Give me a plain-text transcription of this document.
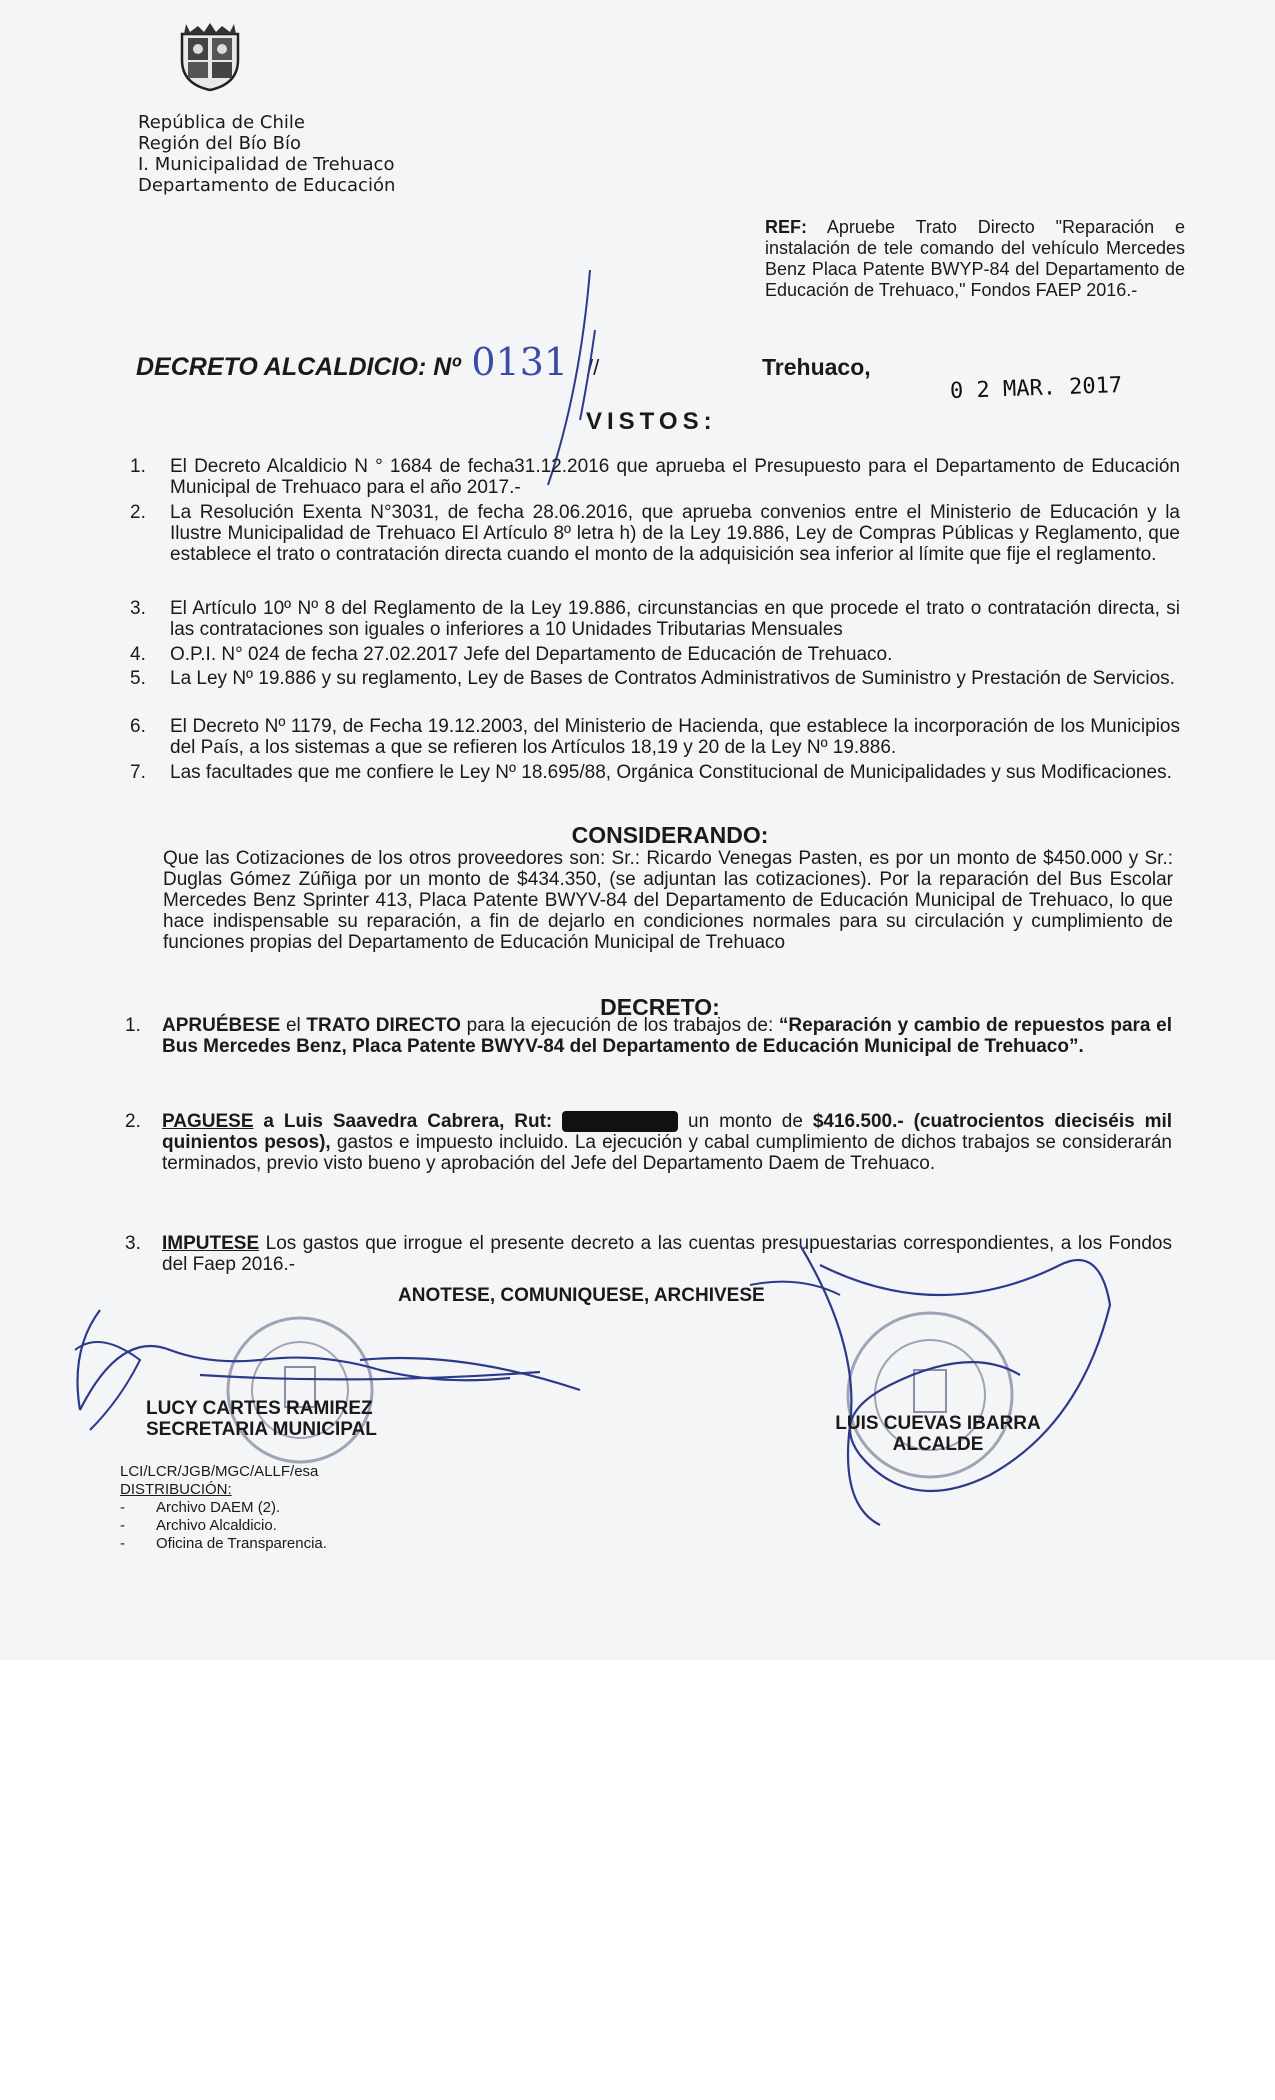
República de Chile
Región del Bío Bío
I. Municipalidad de Trehuaco
Departamento de Educación
REF: Apruebe Trato Directo "Reparación e instalación de tele comando del vehículo Mercedes Benz Placa Patente BWYP-84 del Departamento de Educación de Trehuaco," Fondos FAEP 2016.-
DECRETO ALCALDICIO: Nº 0131 //	Trehuaco,
0 2 MAR. 2017
VISTOS:
1.	El Decreto Alcaldicio N ° 1684 de fecha31.12.2016 que aprueba el Presupuesto para el Departamento de Educación Municipal de Trehuaco para el año 2017.-
2.	La Resolución Exenta N°3031, de fecha 28.06.2016, que aprueba convenios entre el Ministerio de Educación y la Ilustre Municipalidad de Trehuaco El Artículo 8º letra h) de la Ley 19.886, Ley de Compras Públicas y Reglamento, que establece el trato o contratación directa cuando el monto de la adquisición sea inferior al límite que fije el reglamento.
3.	El Artículo 10º Nº 8 del Reglamento de la Ley 19.886, circunstancias en que procede el trato o contratación directa, si las contrataciones son iguales o inferiores a 10 Unidades Tributarias Mensuales
4.	O.P.I. N° 024 de fecha 27.02.2017 Jefe del Departamento de Educación de Trehuaco.
5.	La Ley Nº 19.886 y su reglamento, Ley de Bases de Contratos Administrativos de Suministro y Prestación de Servicios.
6.	El Decreto Nº 1179, de Fecha 19.12.2003, del Ministerio de Hacienda, que establece la incorporación de los Municipios del País, a los sistemas a que se refieren los Artículos 18,19 y 20 de la Ley Nº 19.886.
7.	Las facultades que me confiere le Ley Nº 18.695/88, Orgánica Constitucional de Municipalidades y sus Modificaciones.
CONSIDERANDO:
Que las Cotizaciones de los otros proveedores son: Sr.: Ricardo Venegas Pasten, es por un monto de $450.000 y Sr.: Duglas Gómez Zúñiga por un monto de $434.350, (se adjuntan las cotizaciones). Por la reparación del Bus Escolar Mercedes Benz Sprinter 413, Placa Patente BWYV-84 del Departamento de Educación Municipal de Trehuaco, lo que hace indispensable su reparación, a fin de dejarlo en condiciones normales para su circulación y cumplimiento de funciones propias del Departamento de Educación Municipal de Trehuaco
DECRETO:
1.	APRUÉBESE el TRATO DIRECTO para la ejecución de los trabajos de: “Reparación y cambio de repuestos para el Bus Mercedes Benz, Placa Patente BWYV-84 del Departamento de Educación Municipal de Trehuaco”.
2.	PAGUESE a Luis Saavedra Cabrera, Rut:	un monto de $416.500.- (cuatrocientos dieciséis mil quinientos pesos), gastos e impuesto incluido. La ejecución y cabal cumplimiento de dichos trabajos se considerarán terminados, previo visto bueno y aprobación del Jefe del Departamento Daem de Trehuaco.
3.	IMPUTESE Los gastos que irrogue el presente decreto a las cuentas presupuestarias correspondientes, a los Fondos del Faep 2016.-
ANOTESE, COMUNIQUESE, ARCHIVESE
LUCY CARTES RAMIREZ
SECRETARIA MUNICIPAL	LUIS CUEVAS IBARRA
ALCALDE
LCI/LCR/JGB/MGC/ALLF/esa
DISTRIBUCIÓN:
- Archivo DAEM (2).
- Archivo Alcaldicio.
- Oficina de Transparencia.
